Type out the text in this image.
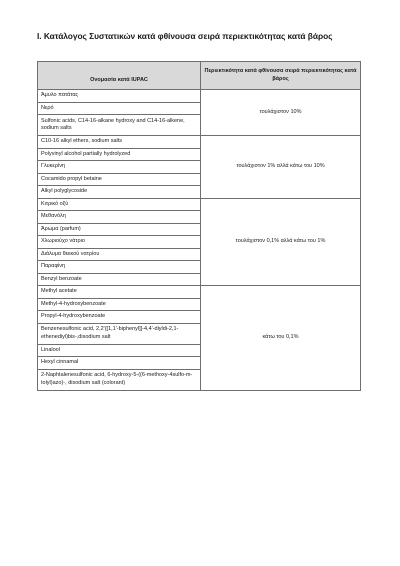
I. Κατάλογος Συστατικών κατά φθίνουσα σειρά περιεκτικότητας κατά βάρος
Ονομασία κατά IUPAC	Περιεκτικότητα κατά φθίνουσα σειρά περιεκτικότητας κατά βάρος
Άμυλο πατάτας	τουλάχιστον 10%
Νερό	
Sulfonic acids, C14-16-alkane hydroxy and C14-16-alkene, sodium salts	
C10-16 alkyl ethers, sodium salts	τουλάχιστον 1% αλλά κάτω του 10%
Polyvinyl alcohol partially hydrolyzed	
Γλυκερίνη	
Cocamido propyl betaine	
Alkyl polyglycoside	
Κιτρικό οξύ	τουλάχιστον 0,1% αλλά κάτω του 1%
Μεθανόλη	
Άρωμα (parfum)	
Χλωριούχο νάτριο	
Διάλυμα θειικού νατρίου	
Παραφίνη	
Benzyl benzoate	
Methyl acetate	κάτω του 0,1%
Methyl-4-hydroxybenzoate	
Propyl-4-hydroxybenzoate	
Benzenesulfonic acid, 2,2'([1,1'-biphenyl]]-4,4'-diyldi-2,1-ethenediyl)bis-,disodium salt	
Linalool	
Hexyl cinnamal	
2-Naphtalenesulfonic acid, 6-hydroxy-5-((6-methoxy-4sulfo-m-tolyl)azo)-, disodium salt (colorant)	
